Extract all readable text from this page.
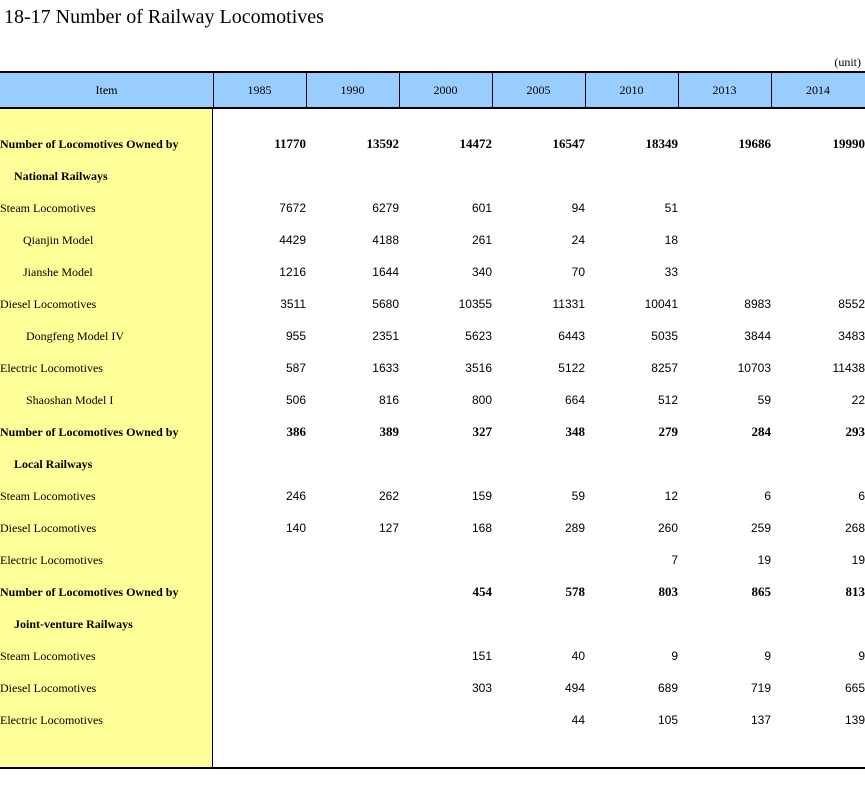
18-17 Number of Railway Locomotives
(unit)
Item	1985	1990	2000	2005	2010	2013	2014
Number of Locomotives Owned by	11770	13592	14472	16547	18349	19686	19990
National Railways							
Steam Locomotives	7672	6279	601	94	51		
Qianjin Model	4429	4188	261	24	18		
Jianshe Model	1216	1644	340	70	33		
Diesel Locomotives	3511	5680	10355	11331	10041	8983	8552
Dongfeng Model IV	955	2351	5623	6443	5035	3844	3483
Electric Locomotives	587	1633	3516	5122	8257	10703	11438
Shaoshan Model I	506	816	800	664	512	59	22
Number of Locomotives Owned by	386	389	327	348	279	284	293
Local Railways							
Steam Locomotives	246	262	159	59	12	6	6
Diesel Locomotives	140	127	168	289	260	259	268
Electric Locomotives					7	19	19
Number of Locomotives Owned by			454	578	803	865	813
Joint-venture Railways							
Steam Locomotives			151	40	9	9	9
Diesel Locomotives			303	494	689	719	665
Electric Locomotives				44	105	137	139
